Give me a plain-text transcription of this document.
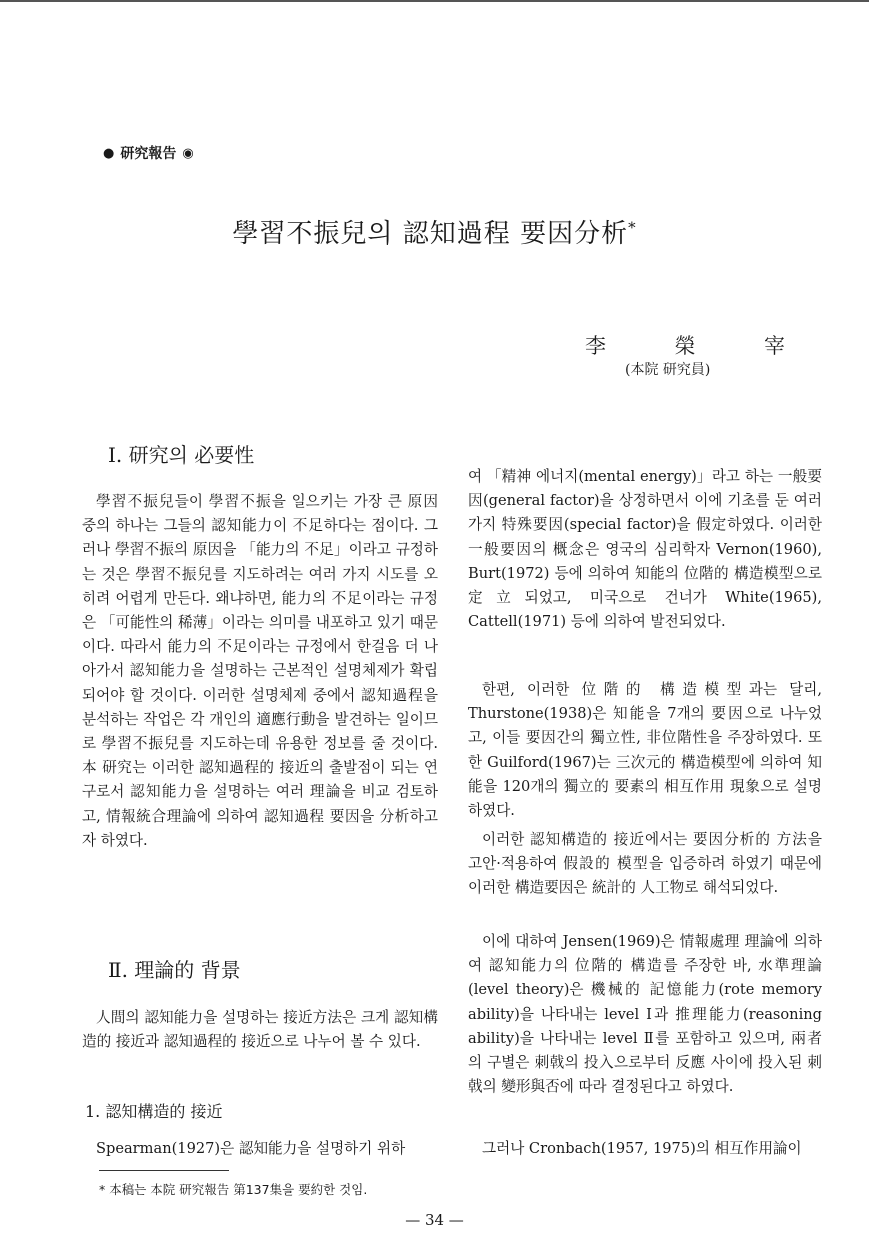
● 研究報告 ◉
學習不振兒의 認知過程 要因分析*
李	榮	宰
(本院 研究員)
Ⅰ. 研究의 必要性

學習不振兒들이 學習不振을 일으키는 가장 큰 原因 중의 하나는 그들의 認知能力이 不足하다는 점이다. 그러나 學習不振의 原因을 「能力의 不足」이라고 규정하는 것은 學習不振兒를 지도하려는 여러 가지 시도를 오히려 어렵게 만든다. 왜냐하면, 能力의 不足이라는 규정은 「可能性의 稀薄」이라는 의미를 내포하고 있기 때문이다. 따라서 能力의 不足이라는 규정에서 한걸음 더 나아가서 認知能力을 설명하는 근본적인 설명체제가 확립되어야 할 것이다. 이러한 설명체제 중에서 認知過程을 분석하는 작업은 각 개인의 適應行動을 발견하는 일이므로 學習不振兒를 지도하는데 유용한 정보를 줄 것이다. 本 研究는 이러한 認知過程的 接近의 출발점이 되는 연구로서 認知能力을 설명하는 여러 理論을 비교 검토하고, 情報統合理論에 의하여 認知過程 要因을 分析하고자 하였다.

Ⅱ. 理論的 背景

人間의 認知能力을 설명하는 接近方法은 크게 認知構造的 接近과 認知過程的 接近으로 나누어 볼 수 있다.

1. 認知構造的 接近

Spearman(1927)은 認知能力을 설명하기 위하

여 「精神 에너지(mental energy)」라고 하는 一般要因(general factor)을 상정하면서 이에 기초를 둔 여러 가지 特殊要因(special factor)을 假定하였다. 이러한 一般要因의 概念은 영국의 심리학자 Vernon(1960), Burt(1972) 등에 의하여 知能의 位階的 構造模型으로 定立되었고, 미국으로 건너가 White(1965), Cattell(1971) 등에 의하여 발전되었다.

한편, 이러한 位階的 構造模型과는 달리, Thurstone(1938)은 知能을 7개의 要因으로 나누었고, 이들 要因간의 獨立性, 非位階性을 주장하였다. 또한 Guilford(1967)는 三次元的 構造模型에 의하여 知能을 120개의 獨立的 要素의 相互作用 現象으로 설명하였다.

이러한 認知構造的 接近에서는 要因分析的 方法을 고안·적용하여 假設的 模型을 입증하려 하였기 때문에 이러한 構造要因은 統計的 人工物로 해석되었다.

이에 대하여 Jensen(1969)은 情報處理 理論에 의하여 認知能力의 位階的 構造를 주장한 바, 水準理論(level theory)은 機械的 記憶能力(rote memory ability)을 나타내는 level Ⅰ과 推理能力(reasoning ability)을 나타내는 level Ⅱ를 포함하고 있으며, 兩者의 구별은 刺戟의 投入으로부터 反應 사이에 投入된 刺戟의 變形與否에 따라 결정된다고 하였다.

그러나 Cronbach(1957, 1975)의 相互作用論이

* 本稿는 本院 研究報告 第137集을 要約한 것임.
— 34 —
